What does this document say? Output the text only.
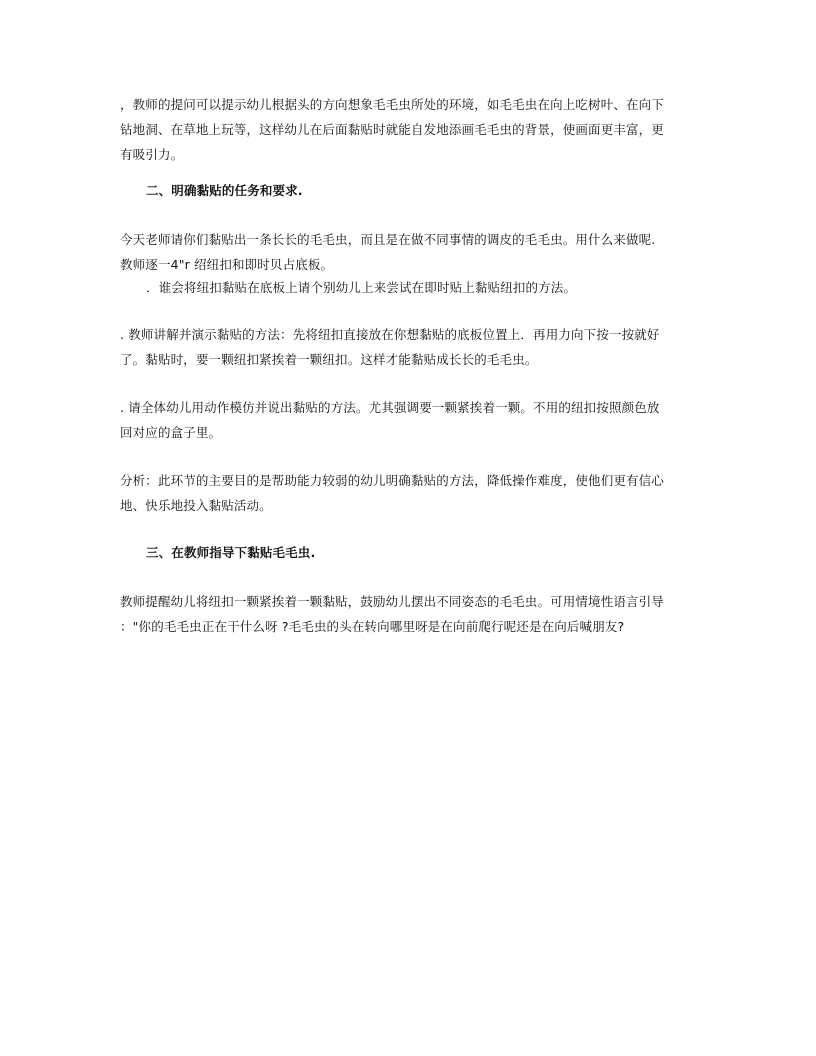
，教师的提问可以提示幼儿根据头的方向想象毛毛虫所处的环境，如毛毛虫在向上吃树叶、在向下
钻地洞、在草地上玩等，这样幼儿在后面黏贴时就能自发地添画毛毛虫的背景，使画面更丰富，更
有吸引力。
二、明确黏贴的任务和要求.
今天老师请你们黏贴出一条长长的毛毛虫，而且是在做不同事情的调皮的毛毛虫。用什么来做呢.
教师逐一4"r 绍纽扣和即时贝占底板。
．谁会将纽扣黏贴在底板上请个别幼儿上来尝试在即时贴上黏贴纽扣的方法。
. 教师讲解并演示黏贴的方法：先将纽扣直接放在你想黏贴的底板位置上．再用力向下按一按就好
了。黏贴时，要一颗纽扣紧挨着一颗纽扣。这样才能黏贴成长长的毛毛虫。
. 请全体幼儿用动作模仿并说出黏贴的方法。尤其强调要一颗紧挨着一颗。不用的纽扣按照颜色放
回对应的盒子里。
分析：此环节的主要目的是帮助能力较弱的幼儿明确黏贴的方法，降低操作难度，使他们更有信心
地、快乐地投入黏贴活动。
三、在教师指导下黏贴毛毛虫.
教师提醒幼儿将纽扣一颗紧挨着一颗黏贴，鼓励幼儿摆出不同姿态的毛毛虫。可用情境性语言引导
："你的毛毛虫正在干什么呀 ?毛毛虫的头在转向哪里呀是在向前爬行呢还是在向后喊朋友?
